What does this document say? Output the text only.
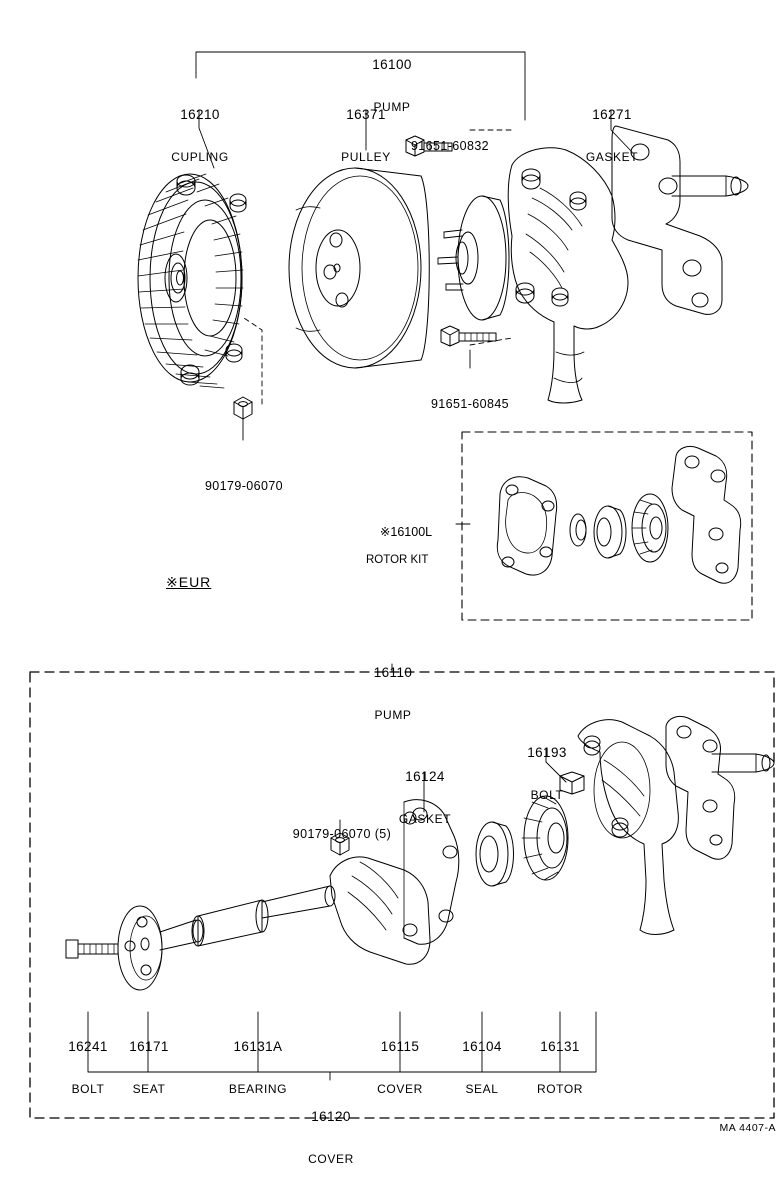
16100

PUMP

16210

CUPLING

16371

PULLEY

91651-60832

16271

GASKET

91651-60845

90179-06070

※EUR

※16100L

ROTOR KIT

16110

PUMP

16193

BOLT

16124

GASKET

90179-06070 (5)

16241

BOLT

16171

SEAT

16131A

BEARING

16115

COVER

16104

SEAL

16131

ROTOR

16120

COVER

MA 4407-A
